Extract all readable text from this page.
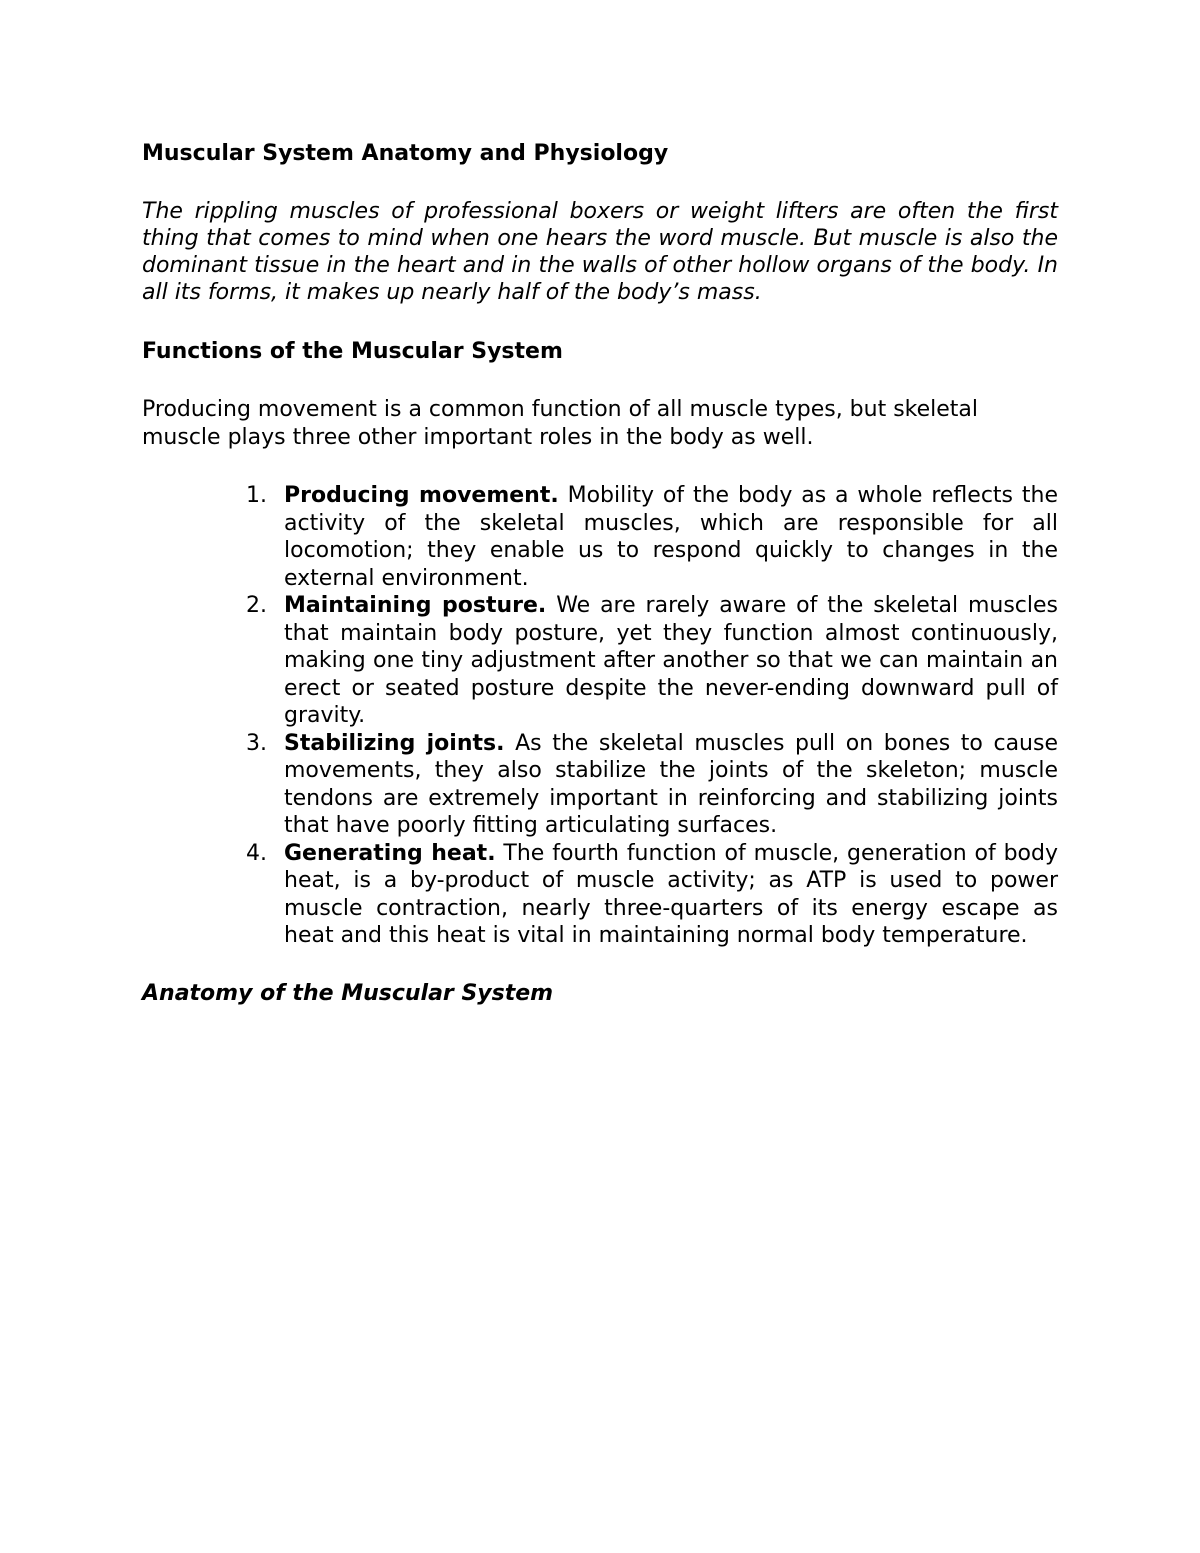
Muscular System Anatomy and Physiology

The rippling muscles of professional boxers or weight lifters are often the first thing that comes to mind when one hears the word muscle. But muscle is also the dominant tissue in the heart and in the walls of other hollow organs of the body. In all its forms, it makes up nearly half of the body’s mass.

Functions of the Muscular System

Producing movement is a common function of all muscle types, but skeletal muscle plays three other important roles in the body as well.

1. Producing movement. Mobility of the body as a whole reflects the activity of the skeletal muscles, which are responsible for all locomotion; they enable us to respond quickly to changes in the external environment.
2. Maintaining posture. We are rarely aware of the skeletal muscles that maintain body posture, yet they function almost continuously, making one tiny adjustment after another so that we can maintain an erect or seated posture despite the never-ending downward pull of gravity.
3. Stabilizing joints. As the skeletal muscles pull on bones to cause movements, they also stabilize the joints of the skeleton; muscle tendons are extremely important in reinforcing and stabilizing joints that have poorly fitting articulating surfaces.
4. Generating heat. The fourth function of muscle, generation of body heat, is a by-product of muscle activity; as ATP is used to power muscle contraction, nearly three-quarters of its energy escape as heat and this heat is vital in maintaining normal body temperature.
Anatomy of the Muscular System
